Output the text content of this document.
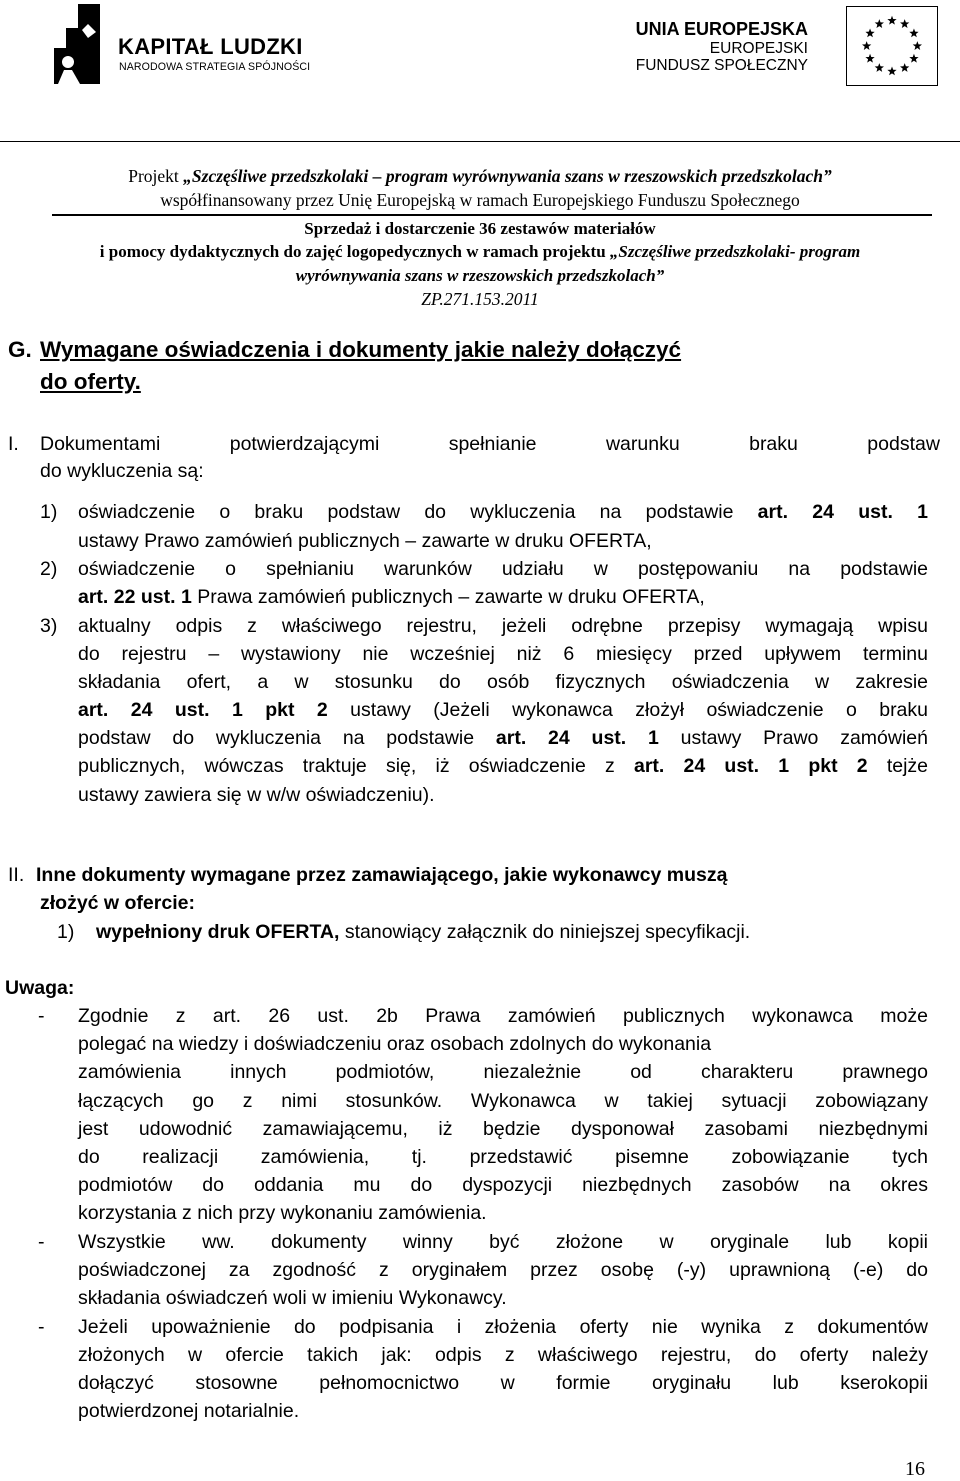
KAPITAŁ LUDZKI
NARODOWA STRATEGIA SPÓJNOŚCI
UNIA EUROPEJSKA
EUROPEJSKI
FUNDUSZ SPOŁECZNY
Projekt „Szczęśliwe przedszkolaki – program wyrównywania szans w rzeszowskich przedszkolach”
współfinansowany przez Unię Europejską w ramach Europejskiego Funduszu Społecznego
Sprzedaż i dostarczenie 36 zestawów materiałów
i pomocy dydaktycznych do zajęć logopedycznych w ramach projektu „Szczęśliwe przedszkolaki- program
wyrównywania szans w rzeszowskich przedszkolach”
ZP.271.153.2011
G. Wymagane oświadczenia i dokumenty jakie należy dołączyć
do oferty.
I. Dokumentami	potwierdzającymi	spełnianie	warunku	braku	podstaw
do wykluczenia są:
1) oświadczenie o braku podstaw do wykluczenia na podstawie art. 24 ust. 1
ustawy Prawo zamówień publicznych – zawarte w druku OFERTA,
2) oświadczenie o spełnianiu warunków udziału w postępowaniu na podstawie
art. 22 ust. 1 Prawa zamówień publicznych – zawarte w druku OFERTA,
3) aktualny odpis z właściwego rejestru, jeżeli odrębne przepisy wymagają wpisu
do rejestru – wystawiony nie wcześniej niż 6 miesięcy przed upływem terminu
składania ofert, a w stosunku do osób fizycznych oświadczenia w zakresie
art. 24 ust. 1 pkt 2 ustawy (Jeżeli wykonawca złożył oświadczenie o braku
podstaw do wykluczenia na podstawie art. 24 ust. 1 ustawy Prawo zamówień
publicznych, wówczas traktuje się, iż oświadczenie z art. 24 ust. 1 pkt 2 tejże
ustawy zawiera się w w/w oświadczeniu).
II. Inne dokumenty wymagane przez zamawiającego, jakie wykonawcy muszą
złożyć w ofercie:
1) wypełniony druk OFERTA, stanowiący załącznik do niniejszej specyfikacji.
Uwaga:
- Zgodnie z art. 26 ust. 2b Prawa zamówień publicznych wykonawca może
polegać na wiedzy i doświadczeniu oraz osobach zdolnych do wykonania
zamówienia innych podmiotów, niezależnie od charakteru prawnego
łączących go z nimi stosunków. Wykonawca w takiej sytuacji zobowiązany
jest udowodnić zamawiającemu, iż będzie dysponował zasobami niezbędnymi
do realizacji zamówienia, tj. przedstawić pisemne zobowiązanie tych
podmiotów do oddania mu do dyspozycji niezbędnych zasobów na okres
korzystania z nich przy wykonaniu zamówienia.
- Wszystkie ww. dokumenty winny być złożone w oryginale lub kopii
poświadczonej za zgodność z oryginałem przez osobę (-y) uprawnioną (-e) do
składania oświadczeń woli w imieniu Wykonawcy.
- Jeżeli upoważnienie do podpisania i złożenia oferty nie wynika z dokumentów
złożonych w ofercie takich jak: odpis z właściwego rejestru, do oferty należy
dołączyć stosowne pełnomocnictwo w formie oryginału lub kserokopii
potwierdzonej notarialnie.
16
